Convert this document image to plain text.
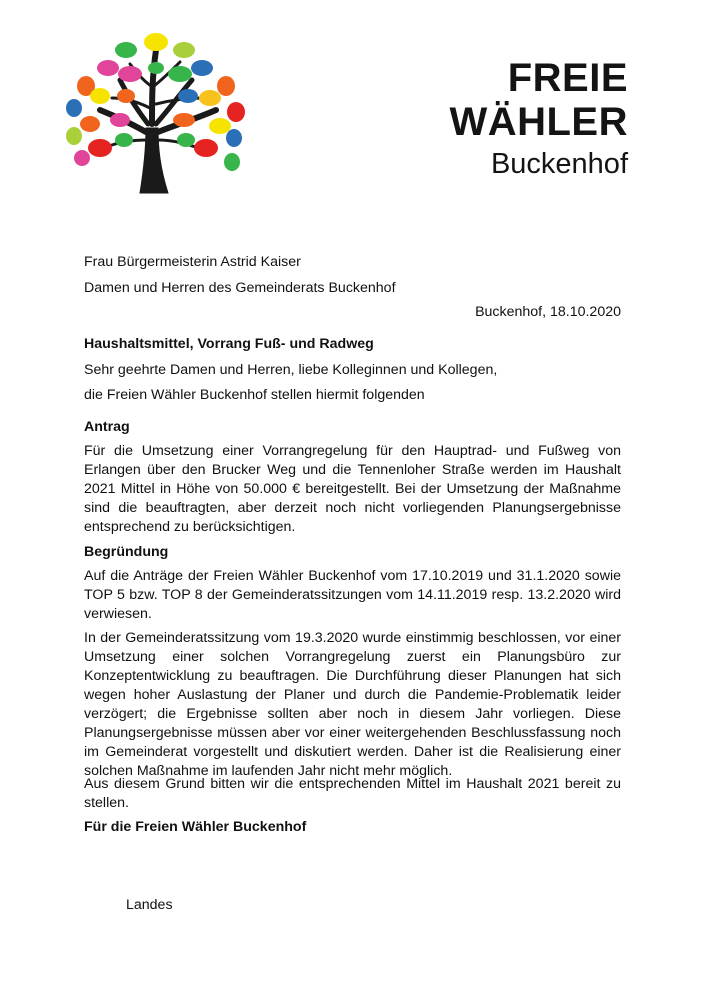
FREIE
WÄHLER
Buckenhof
Frau Bürgermeisterin Astrid Kaiser
Damen und Herren des Gemeinderats Buckenhof
Buckenhof, 18.10.2020
Haushaltsmittel, Vorrang Fuß- und Radweg
Sehr geehrte Damen und Herren, liebe Kolleginnen und Kollegen,
die Freien Wähler Buckenhof stellen hiermit folgenden
Antrag
Für die Umsetzung einer Vorrangregelung für den Hauptrad- und Fußweg von Erlangen über den Brucker Weg und die Tennenloher Straße werden im Haushalt 2021 Mittel in Höhe von 50.000 € bereitgestellt. Bei der Umsetzung der Maßnahme sind die beauftragten, aber derzeit noch nicht vorliegenden Planungsergebnisse entsprechend zu berücksichtigen.
Begründung
Auf die Anträge der Freien Wähler Buckenhof vom 17.10.2019 und 31.1.2020 sowie TOP 5 bzw. TOP 8 der Gemeinderatssitzungen vom 14.11.2019 resp. 13.2.2020 wird verwiesen.
In der Gemeinderatssitzung vom 19.3.2020 wurde einstimmig beschlossen, vor einer Umsetzung einer solchen Vorrangregelung zuerst ein Planungsbüro zur Konzeptentwicklung zu beauftragen. Die Durchführung dieser Planungen hat sich wegen hoher Auslastung der Planer und durch die Pandemie-Problematik leider verzögert; die Ergebnisse sollten aber noch in diesem Jahr vorliegen. Diese Planungsergebnisse müssen aber vor einer weitergehenden Beschlussfassung noch im Gemeinderat vorgestellt und diskutiert werden. Daher ist die Realisierung einer solchen Maßnahme im laufenden Jahr nicht mehr möglich.
Aus diesem Grund bitten wir die entsprechenden Mittel im Haushalt 2021 bereit zu stellen.
Für die Freien Wähler Buckenhof
Landes
